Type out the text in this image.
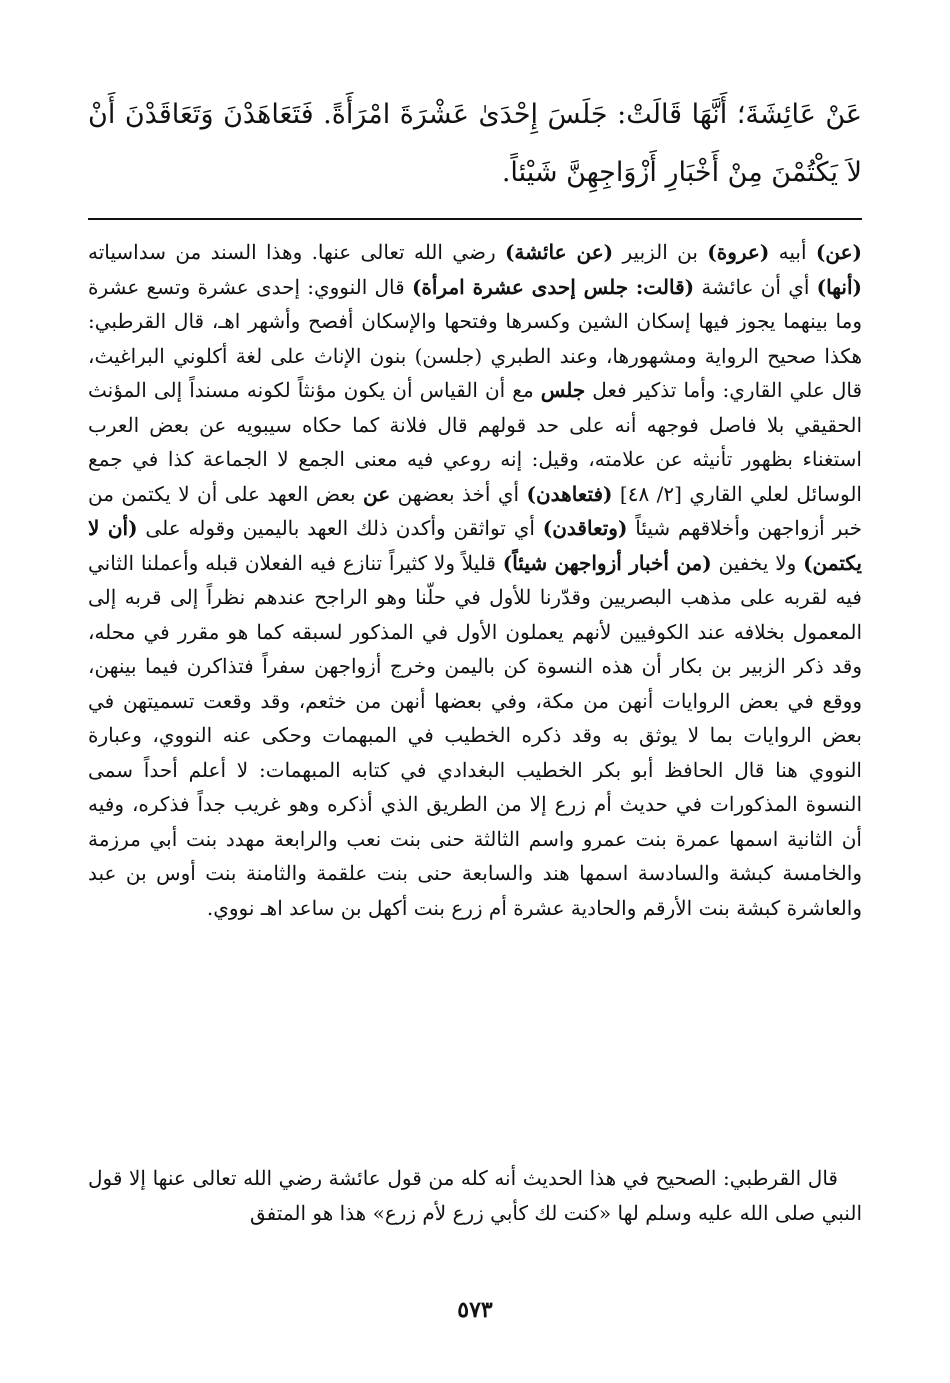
عَنْ عَائِشَةَ؛ أَنَّهَا قَالَتْ: جَلَسَ إِحْدَىٰ عَشْرَةَ امْرَأَةً. فَتَعَاهَدْنَ وَتَعَاقَدْنَ أَنْ لاَ يَكْتُمْنَ مِنْ أَخْبَارِ أَزْوَاجِهِنَّ شَيْئاً.

(عن) أبيه (عروة) بن الزبير (عن عائشة) رضي الله تعالى عنها. وهذا السند من سداسياته (أنها) أي أن عائشة (قالت: جلس إحدى عشرة امرأة) قال النووي: إحدى عشرة وتسع عشرة وما بينهما يجوز فيها إسكان الشين وكسرها وفتحها والإسكان أفصح وأشهر اهـ، قال القرطبي: هكذا صحيح الرواية ومشهورها، وعند الطبري (جلسن) بنون الإناث على لغة أكلوني البراغيث، قال علي القاري: وأما تذكير فعل جلس مع أن القياس أن يكون مؤنثاً لكونه مسنداً إلى المؤنث الحقيقي بلا فاصل فوجهه أنه على حد قولهم قال فلانة كما حكاه سيبويه عن بعض العرب استغناء بظهور تأنيثه عن علامته، وقيل: إنه روعي فيه معنى الجمع لا الجماعة كذا في جمع الوسائل لعلي القاري [٢/ ٤٨] (فتعاهدن) أي أخذ بعضهن عن بعض العهد على أن لا يكتمن من خبر أزواجهن وأخلاقهم شيئاً (وتعاقدن) أي تواثقن وأكدن ذلك العهد باليمين وقوله على (أن لا يكتمن) ولا يخفين (من أخبار أزواجهن شيئاً) قليلاً ولا كثيراً تنازع فيه الفعلان قبله وأعملنا الثاني فيه لقربه على مذهب البصريين وقدّرنا للأول في حلّنا وهو الراجح عندهم نظراً إلى قربه إلى المعمول بخلافه عند الكوفيين لأنهم يعملون الأول في المذكور لسبقه كما هو مقرر في محله، وقد ذكر الزبير بن بكار أن هذه النسوة كن باليمن وخرج أزواجهن سفراً فتذاكرن فيما بينهن، ووقع في بعض الروايات أنهن من مكة، وفي بعضها أنهن من خثعم، وقد وقعت تسميتهن في بعض الروايات بما لا يوثق به وقد ذكره الخطيب في المبهمات وحكى عنه النووي، وعبارة النووي هنا قال الحافظ أبو بكر الخطيب البغدادي في كتابه المبهمات: لا أعلم أحداً سمى النسوة المذكورات في حديث أم زرع إلا من الطريق الذي أذكره وهو غريب جداً فذكره، وفيه أن الثانية اسمها عمرة بنت عمرو واسم الثالثة حنى بنت نعب والرابعة مهدد بنت أبي مرزمة والخامسة كبشة والسادسة اسمها هند والسابعة حنى بنت علقمة والثامنة بنت أوس بن عبد والعاشرة كبشة بنت الأرقم والحادية عشرة أم زرع بنت أكهل بن ساعد اهـ نووي.

قال القرطبي: الصحيح في هذا الحديث أنه كله من قول عائشة رضي الله تعالى عنها إلا قول النبي صلى الله عليه وسلم لها «كنت لك كأبي زرع لأم زرع» هذا هو المتفق

٥٧٣
